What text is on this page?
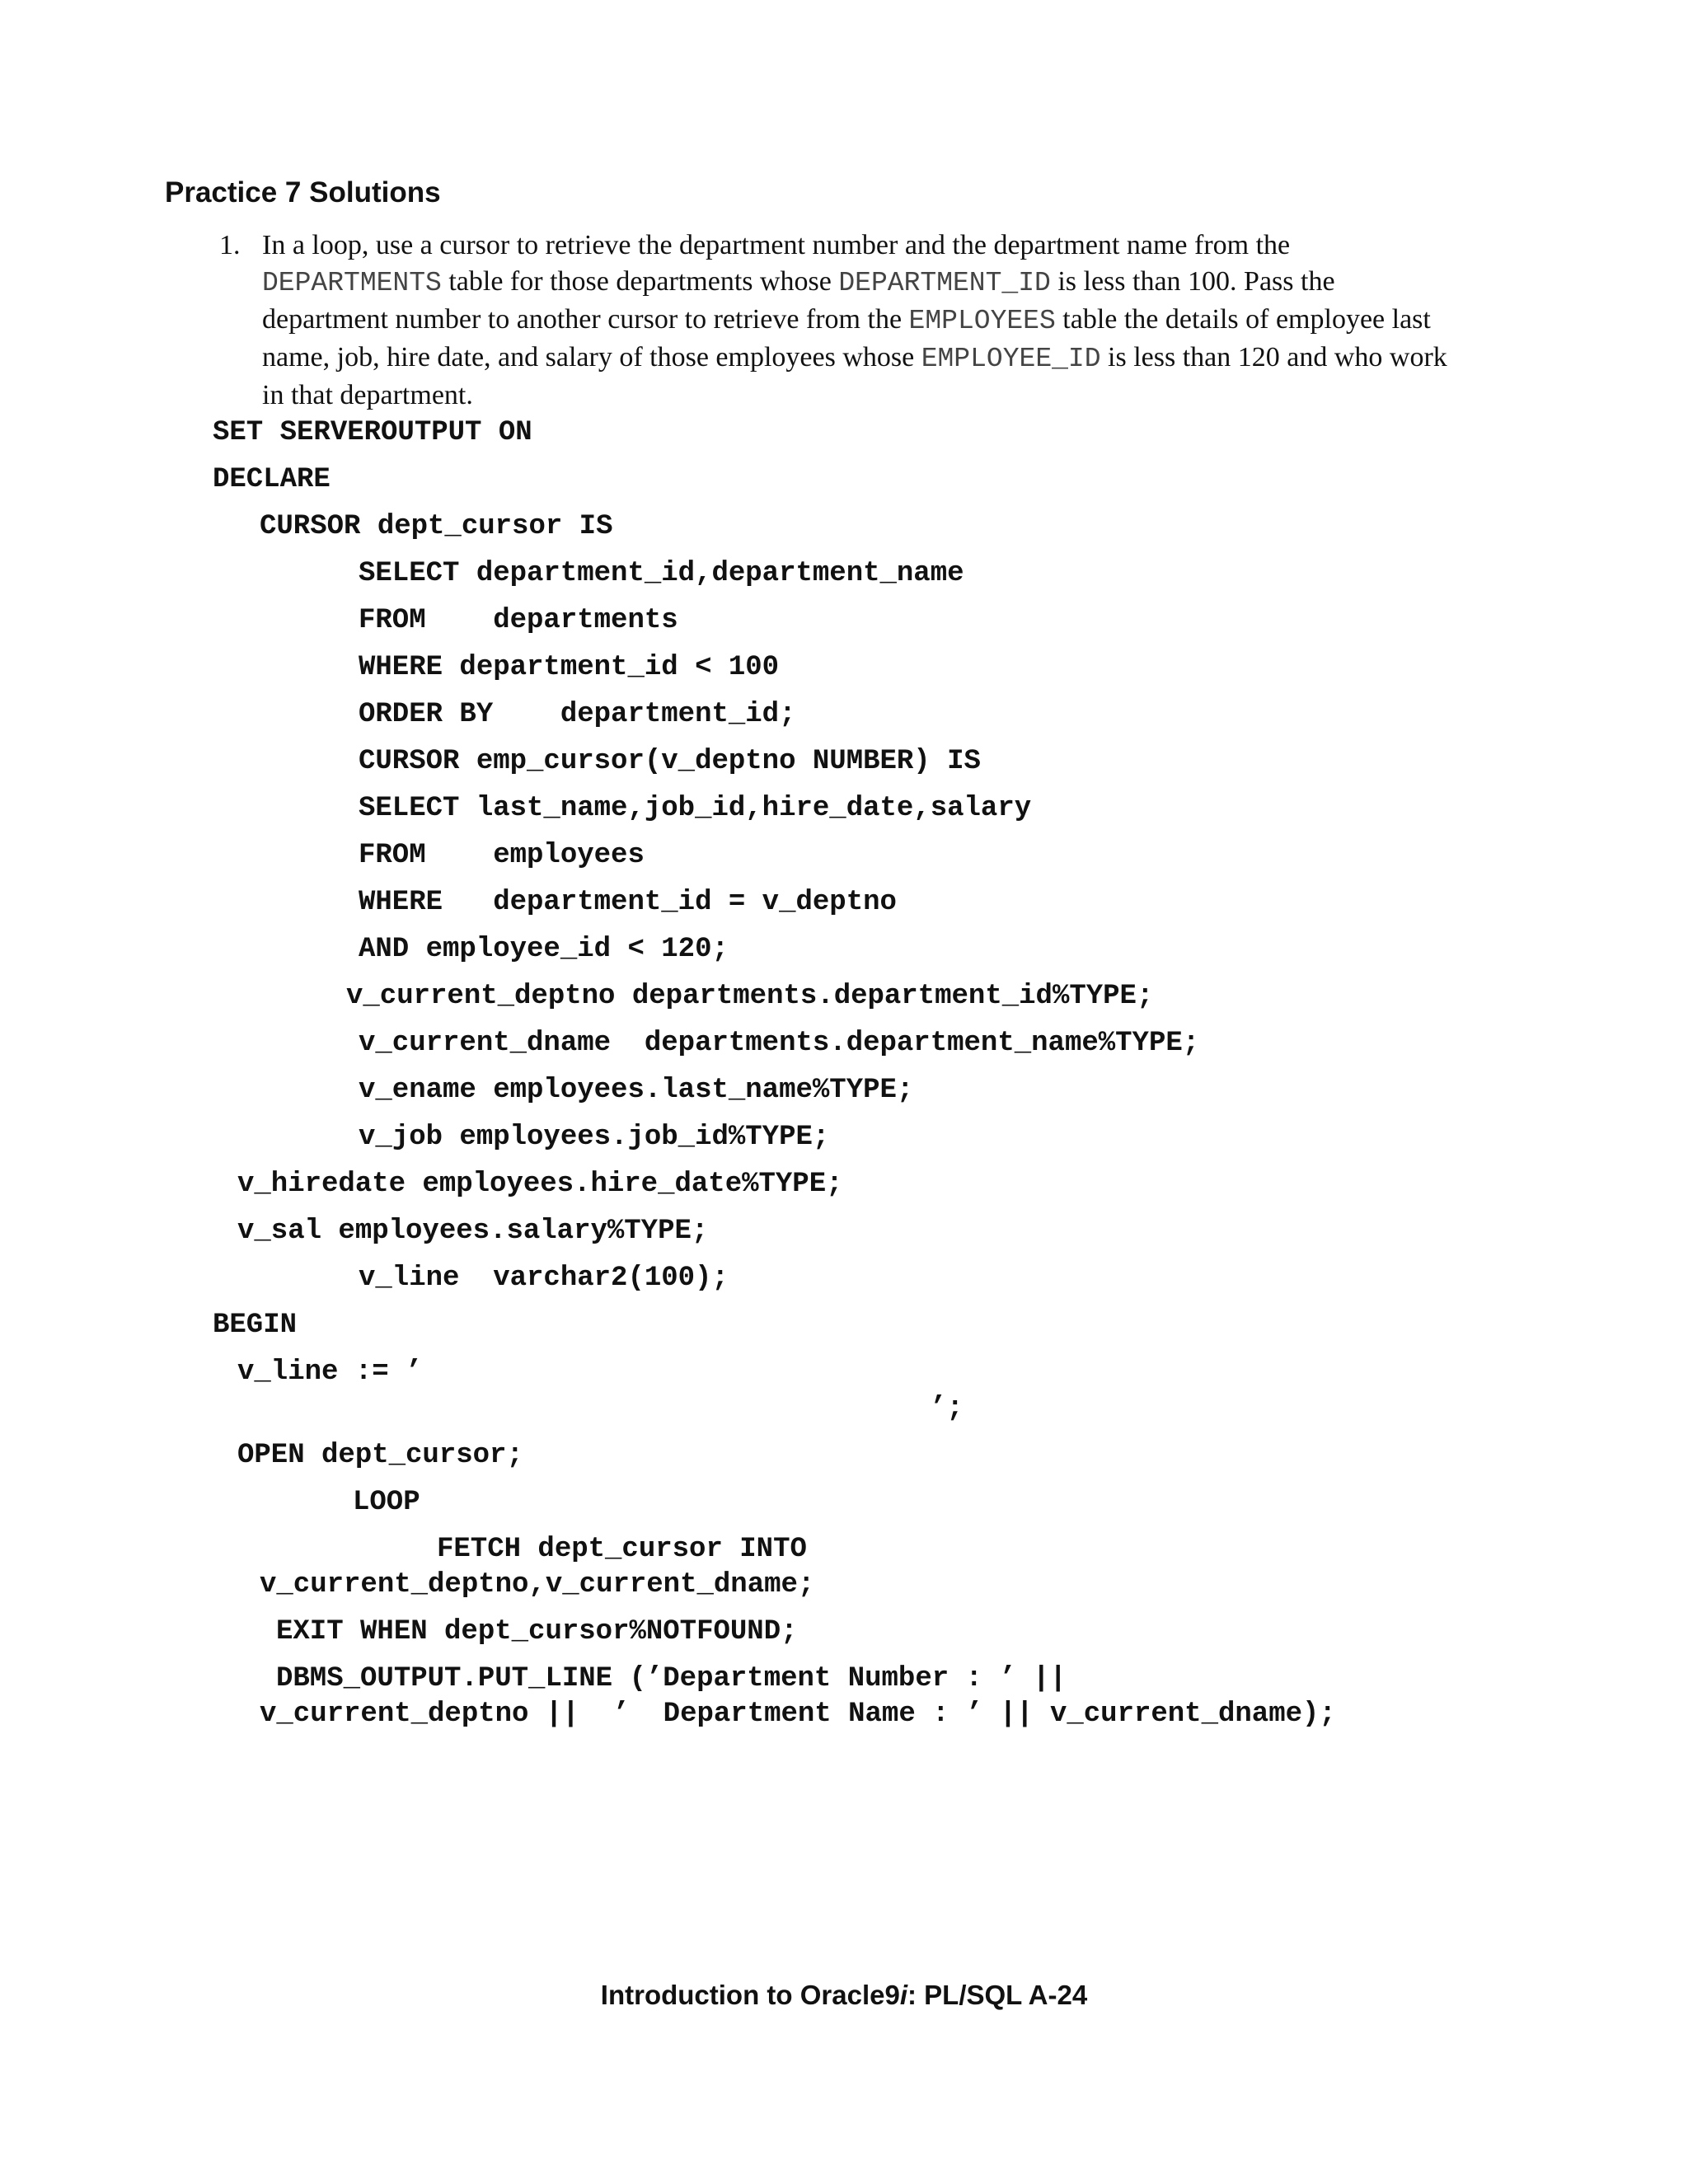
Practice 7 Solutions
1. In a loop, use a cursor to retrieve the department number and the department name from the DEPARTMENTS table for those departments whose DEPARTMENT_ID is less than 100. Pass the department number to another cursor to retrieve from the EMPLOYEES table the details of employee last name, job, hire date, and salary of those employees whose EMPLOYEE_ID is less than 120 and who work in that department.
SET SERVEROUTPUT ON
DECLARE
CURSOR dept_cursor IS
SELECT department_id,department_name
FROM    departments
WHERE department_id < 100
ORDER BY    department_id;
CURSOR emp_cursor(v_deptno NUMBER) IS
SELECT last_name,job_id,hire_date,salary
FROM    employees
WHERE   department_id = v_deptno
AND employee_id < 120;
v_current_deptno departments.department_id%TYPE;
v_current_dname  departments.department_name%TYPE;
v_ename employees.last_name%TYPE;
v_job employees.job_id%TYPE;
v_hiredate employees.hire_date%TYPE;
v_sal employees.salary%TYPE;
v_line  varchar2(100);
BEGIN
v_line := ’
’;
OPEN dept_cursor;
LOOP
FETCH dept_cursor INTO
v_current_deptno,v_current_dname;
EXIT WHEN dept_cursor%NOTFOUND;
DBMS_OUTPUT.PUT_LINE (’Department Number : ’ ||
v_current_deptno ||  ’  Department Name : ’ || v_current_dname);
Introduction to Oracle9i: PL/SQL A-24
